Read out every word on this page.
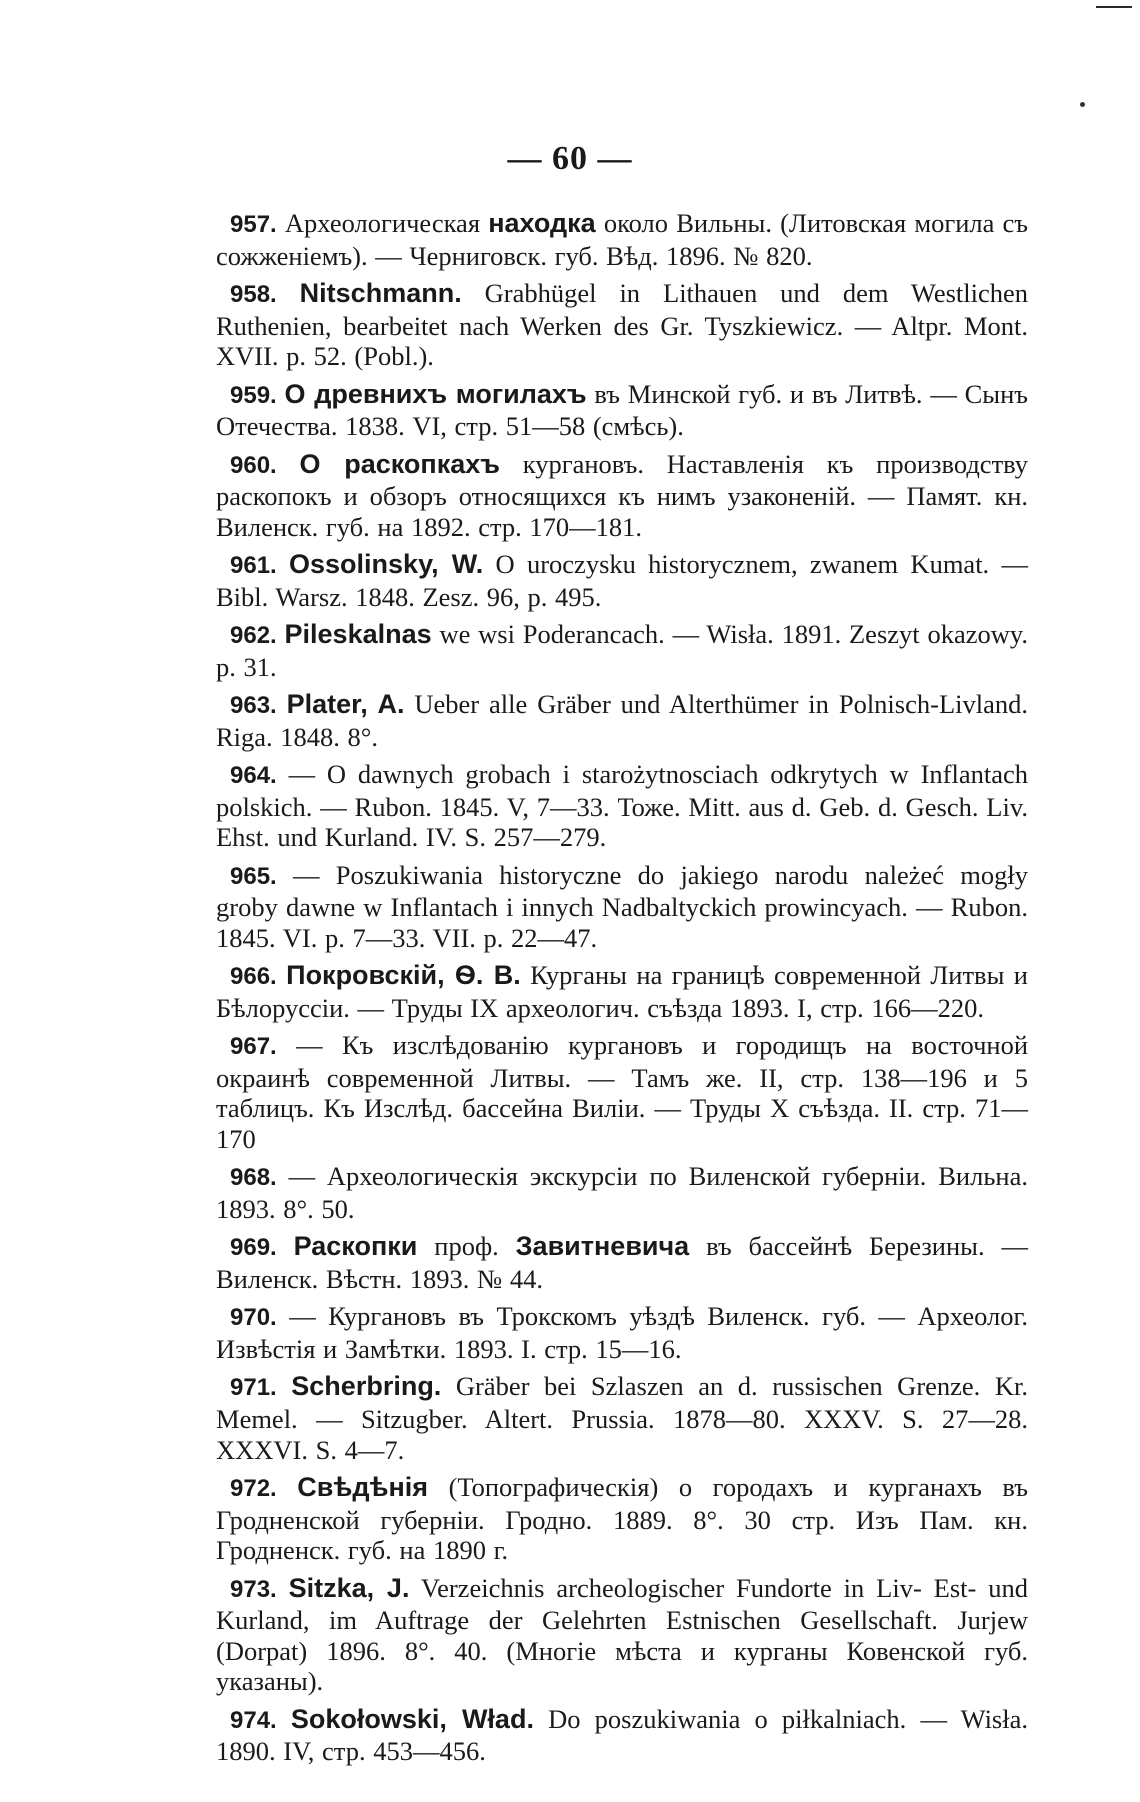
— 60 —

957. Археологическая находка около Вильны. (Литовская могила съ сожженіемъ). — Черниговск. губ. Вѣд. 1896. № 820.

958. Nitschmann. Grabhügel in Lithauen und dem Westlichen Ruthenien, bearbeitet nach Werken des Gr. Tyszkiewicz. — Altpr. Mont. XVII. p. 52. (Pobl.).

959. О древнихъ могилахъ въ Минской губ. и въ Литвѣ. — Сынъ Отечества. 1838. VI, стр. 51—58 (смѣсь).

960. О раскопкахъ кургановъ. Наставленія къ производству раскопокъ и обзоръ относящихся къ нимъ узаконеній. — Памят. кн. Виленск. губ. на 1892. стр. 170—181.

961. Ossolinsky, W. O uroczysku historycznem, zwanem Kumat. — Bibl. Warsz. 1848. Zesz. 96, p. 495.

962. Pileskalnas we wsi Poderancach. — Wisła. 1891. Zeszyt okazowy. p. 31.

963. Plater, A. Ueber alle Gräber und Alterthümer in Polnisch-Livland. Riga. 1848. 8°.

964. — O dawnych grobach i starożytnosciach odkrytych w Inflantach polskich. — Rubon. 1845. V, 7—33. Тоже. Mitt. aus d. Geb. d. Gesch. Liv. Ehst. und Kurland. IV. S. 257—279.

965. — Poszukiwania historyczne do jakiego narodu należeć mogły groby dawne w Inflantach i innych Nadbaltyckich prowincyach. — Rubon. 1845. VI. p. 7—33. VII. p. 22—47.

966. Покровскій, Ѳ. В. Курганы на границѣ современной Литвы и Бѣлоруссіи. — Труды IX археологич. съѣзда 1893. I, стр. 166—220.

967. — Къ изслѣдованію кургановъ и городищъ на восточной окраинѣ современной Литвы. — Тамъ же. II, стр. 138—196 и 5 таблицъ. Къ Изслѣд. бассейна Виліи. — Труды X съѣзда. II. стр. 71—170

968. — Археологическія экскурсіи по Виленской губерніи. Вильна. 1893. 8°. 50.

969. Раскопки проф. Завитневича въ бассейнѣ Березины. — Виленск. Вѣстн. 1893. № 44.

970. — Кургановъ въ Трокскомъ уѣздѣ Виленск. губ. — Археолог. Извѣстія и Замѣтки. 1893. I. стр. 15—16.

971. Scherbring. Gräber bei Szlaszen an d. russischen Grenze. Kr. Memel. — Sitzugber. Altert. Prussia. 1878—80. XXXV. S. 27—28. XXXVI. S. 4—7.

972. Свѣдѣнія (Топографическія) о городахъ и курганахъ въ Гродненской губерніи. Гродно. 1889. 8°. 30 стр. Изъ Пам. кн. Гродненск. губ. на 1890 г.

973. Sitzka, J. Verzeichnis archeologischer Fundorte in Liv- Est- und Kurland, im Auftrage der Gelehrten Estnischen Gesellschaft. Jurjew (Dorpat) 1896. 8°. 40. (Многіе мѣста и курганы Ковенской губ. указаны).

974. Sokołowski, Wład. Do poszukiwania o piłkalniach. — Wisła. 1890. IV, стр. 453—456.
